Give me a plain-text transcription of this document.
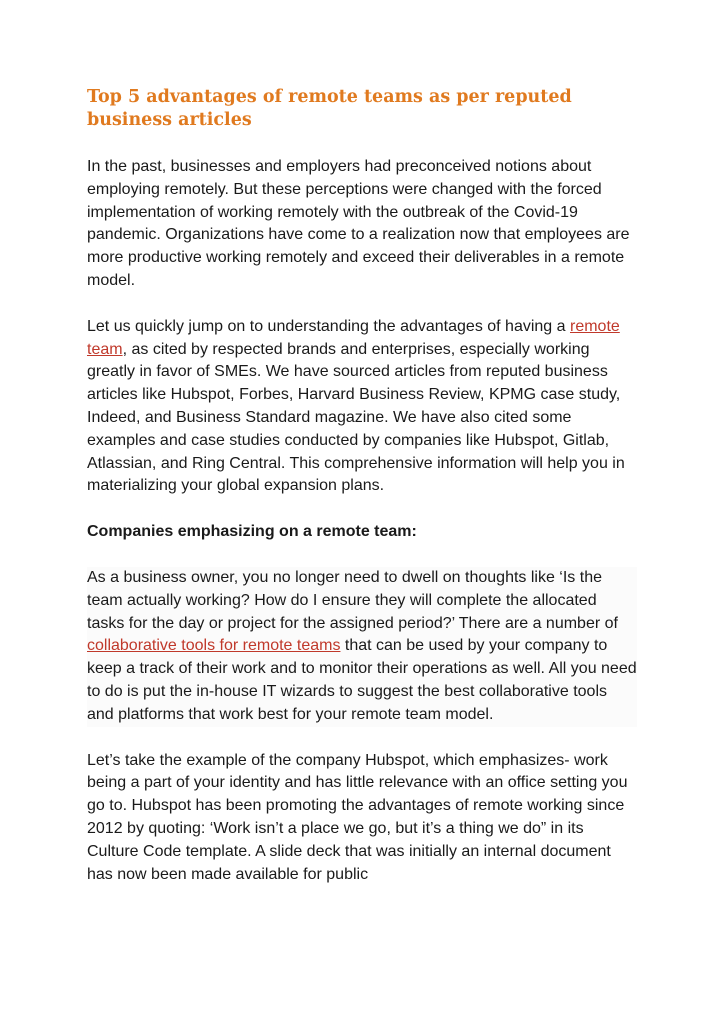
Top 5 advantages of remote teams as per reputed business articles

In the past, businesses and employers had preconceived notions about employing remotely. But these perceptions were changed with the forced implementation of working remotely with the outbreak of the Covid-19 pandemic. Organizations have come to a realization now that employees are more productive working remotely and exceed their deliverables in a remote model.

Let us quickly jump on to understanding the advantages of having a remote team, as cited by respected brands and enterprises, especially working greatly in favor of SMEs. We have sourced articles from reputed business articles like Hubspot, Forbes, Harvard Business Review, KPMG case study, Indeed, and Business Standard magazine. We have also cited some examples and case studies conducted by companies like Hubspot, Gitlab, Atlassian, and Ring Central. This comprehensive information will help you in materializing your global expansion plans.

Companies emphasizing on a remote team:

As a business owner, you no longer need to dwell on thoughts like ‘Is the team actually working? How do I ensure they will complete the allocated tasks for the day or project for the assigned period?’ There are a number of collaborative tools for remote teams that can be used by your company to keep a track of their work and to monitor their operations as well. All you need to do is put the in-house IT wizards to suggest the best collaborative tools and platforms that work best for your remote team model.

Let’s take the example of the company Hubspot, which emphasizes- work being a part of your identity and has little relevance with an office setting you go to. Hubspot has been promoting the advantages of remote working since 2012 by quoting: ‘Work isn’t a place we go, but it’s a thing we do” in its Culture Code template. A slide deck that was initially an internal document has now been made available for public
